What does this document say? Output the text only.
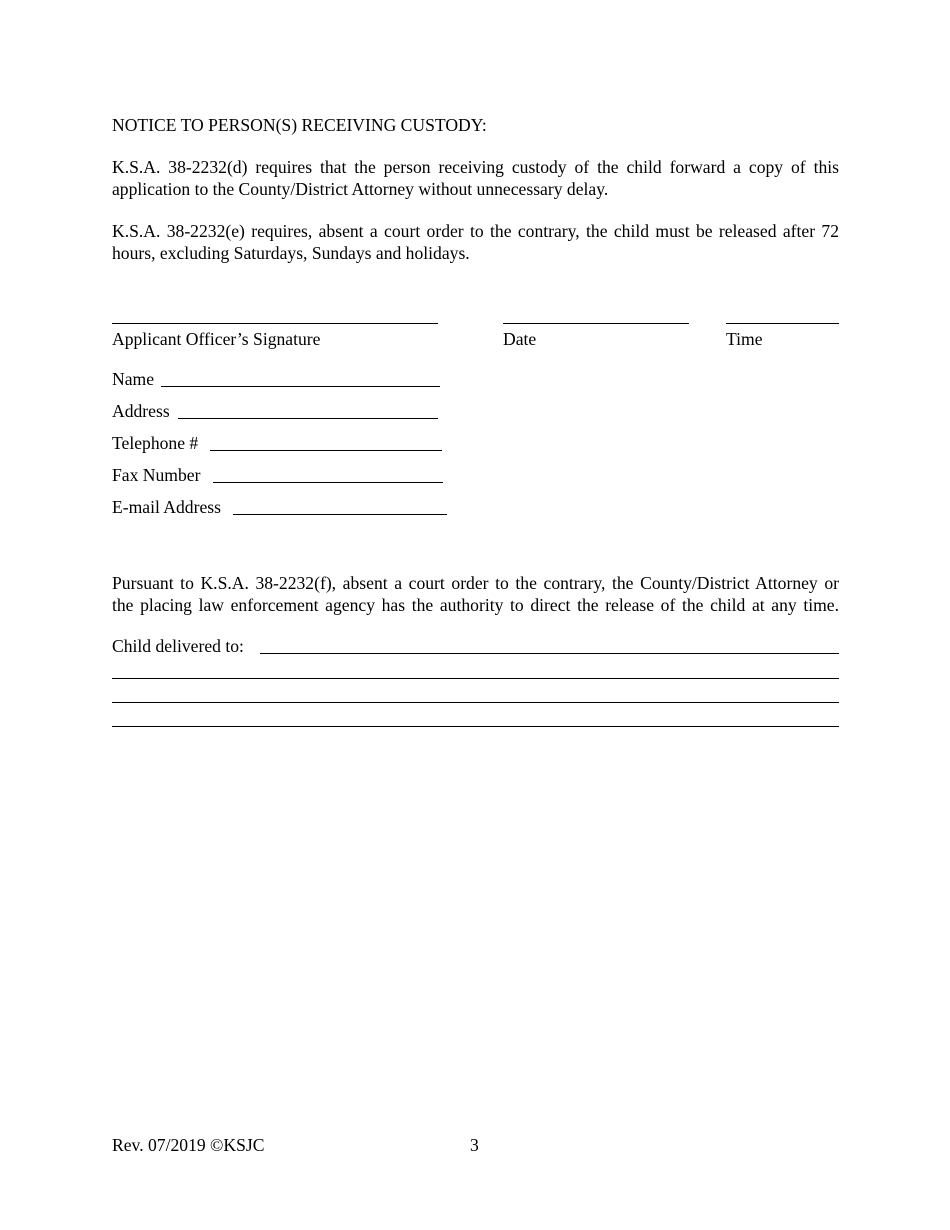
NOTICE TO PERSON(S) RECEIVING CUSTODY:
K.S.A. 38-2232(d) requires that the person receiving custody of the child forward a copy of this
application to the County/District Attorney without unnecessary delay.
K.S.A. 38-2232(e) requires, absent a court order to the contrary, the child must be released after 72
hours, excluding Saturdays, Sundays and holidays.
Applicant Officer’s Signature	Date	Time
Name
Address
Telephone #
Fax Number
E-mail Address
Pursuant to K.S.A. 38-2232(f), absent a court order to the contrary, the County/District Attorney or
the placing law enforcement agency has the authority to direct the release of the child at any time.
Child delivered to:
Rev. 07/2019 ©KSJC	3
